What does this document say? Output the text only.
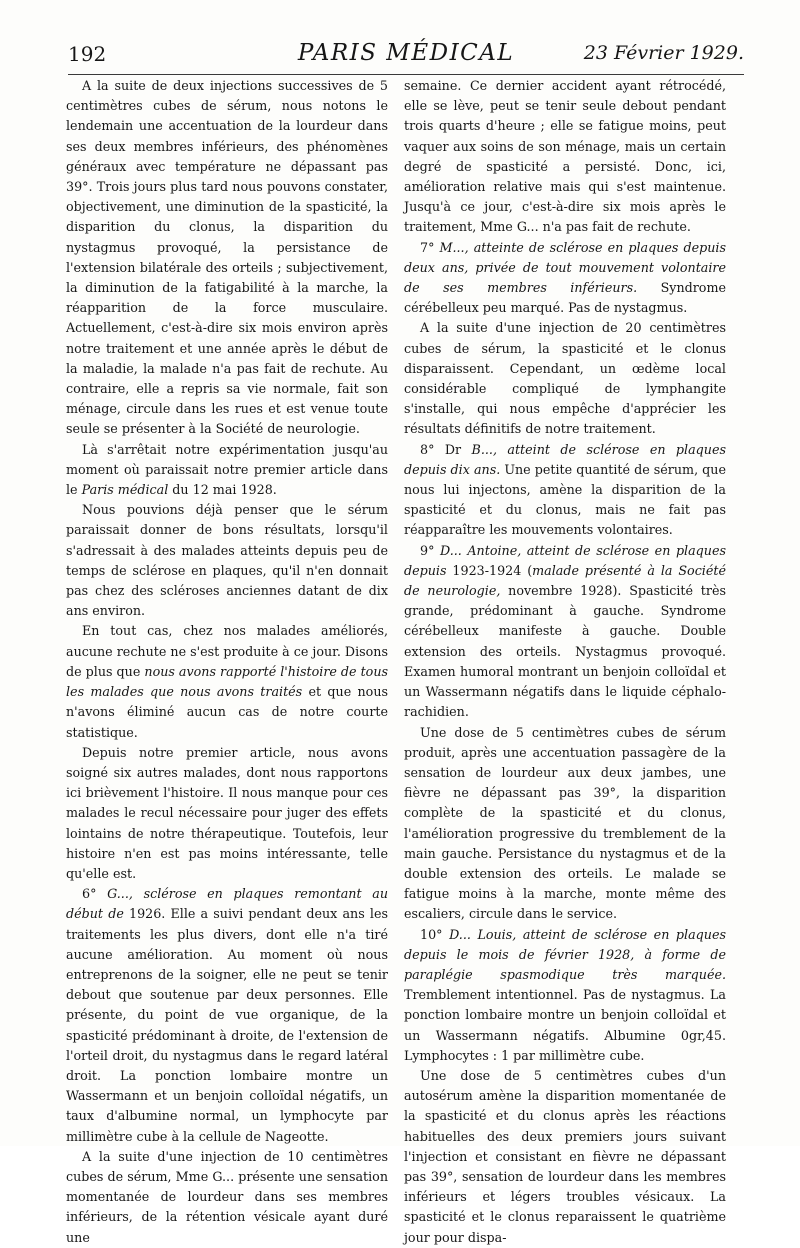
192	PARIS MÉDICAL	23 Février 1929.

A la suite de deux injections successives de 5 centimètres cubes de sérum, nous notons le lendemain une accentuation de la lourdeur dans ses deux membres inférieurs, des phénomènes généraux avec température ne dépassant pas 39°. Trois jours plus tard nous pouvons constater, objectivement, une diminution de la spasticité, la disparition du clonus, la disparition du nystagmus provoqué, la persistance de l'extension bilatérale des orteils ; subjectivement, la diminution de la fatigabilité à la marche, la réapparition de la force musculaire. Actuellement, c'est-à-dire six mois environ après notre traitement et une année après le début de la maladie, la malade n'a pas fait de rechute. Au contraire, elle a repris sa vie normale, fait son ménage, circule dans les rues et est venue toute seule se présenter à la Société de neurologie.

Là s'arrêtait notre expérimentation jusqu'au moment où paraissait notre premier article dans le Paris médical du 12 mai 1928.

Nous pouvions déjà penser que le sérum paraissait donner de bons résultats, lorsqu'il s'adressait à des malades atteints depuis peu de temps de sclérose en plaques, qu'il n'en donnait pas chez des scléroses anciennes datant de dix ans environ.

En tout cas, chez nos malades améliorés, aucune rechute ne s'est produite à ce jour. Disons de plus que nous avons rapporté l'histoire de tous les malades que nous avons traités et que nous n'avons éliminé aucun cas de notre courte statistique.

Depuis notre premier article, nous avons soigné six autres malades, dont nous rapportons ici brièvement l'histoire. Il nous manque pour ces malades le recul nécessaire pour juger des effets lointains de notre thérapeutique. Toutefois, leur histoire n'en est pas moins intéressante, telle qu'elle est.

6° G..., sclérose en plaques remontant au début de 1926. Elle a suivi pendant deux ans les traitements les plus divers, dont elle n'a tiré aucune amélioration. Au moment où nous entreprenons de la soigner, elle ne peut se tenir debout que soutenue par deux personnes. Elle présente, du point de vue organique, de la spasticité prédominant à droite, de l'extension de l'orteil droit, du nystagmus dans le regard latéral droit. La ponction lombaire montre un Wassermann et un benjoin colloïdal négatifs, un taux d'albumine normal, un lymphocyte par millimètre cube à la cellule de Nageotte.

A la suite d'une injection de 10 centimètres cubes de sérum, Mme G... présente une sensation momentanée de lourdeur dans ses membres inférieurs, de la rétention vésicale ayant duré une

semaine. Ce dernier accident ayant rétrocédé, elle se lève, peut se tenir seule debout pendant trois quarts d'heure ; elle se fatigue moins, peut vaquer aux soins de son ménage, mais un certain degré de spasticité a persisté. Donc, ici, amélioration relative mais qui s'est maintenue. Jusqu'à ce jour, c'est-à-dire six mois après le traitement, Mme G... n'a pas fait de rechute.

7° M..., atteinte de sclérose en plaques depuis deux ans, privée de tout mouvement volontaire de ses membres inférieurs. Syndrome cérébelleux peu marqué. Pas de nystagmus.

A la suite d'une injection de 20 centimètres cubes de sérum, la spasticité et le clonus disparaissent. Cependant, un œdème local considérable compliqué de lymphangite s'installe, qui nous empêche d'apprécier les résultats définitifs de notre traitement.

8° Dr B..., atteint de sclérose en plaques depuis dix ans. Une petite quantité de sérum, que nous lui injectons, amène la disparition de la spasticité et du clonus, mais ne fait pas réapparaître les mouvements volontaires.

9° D... Antoine, atteint de sclérose en plaques depuis 1923-1924 (malade présenté à la Société de neurologie, novembre 1928). Spasticité très grande, prédominant à gauche. Syndrome cérébelleux manifeste à gauche. Double extension des orteils. Nystagmus provoqué. Examen humoral montrant un benjoin colloïdal et un Wassermann négatifs dans le liquide céphalo-rachidien.

Une dose de 5 centimètres cubes de sérum produit, après une accentuation passagère de la sensation de lourdeur aux deux jambes, une fièvre ne dépassant pas 39°, la disparition complète de la spasticité et du clonus, l'amélioration progressive du tremblement de la main gauche. Persistance du nystagmus et de la double extension des orteils. Le malade se fatigue moins à la marche, monte même des escaliers, circule dans le service.

10° D... Louis, atteint de sclérose en plaques depuis le mois de février 1928, à forme de paraplégie spasmodique très marquée. Tremblement intentionnel. Pas de nystagmus. La ponction lombaire montre un benjoin colloïdal et un Wassermann négatifs. Albumine 0gr,45. Lymphocytes : 1 par millimètre cube.

Une dose de 5 centimètres cubes d'un autosérum amène la disparition momentanée de la spasticité et du clonus après les réactions habituelles des deux premiers jours suivant l'injection et consistant en fièvre ne dépassant pas 39°, sensation de lourdeur dans les membres inférieurs et légers troubles vésicaux. La spasticité et le clonus reparaissent le quatrième jour pour dispa-
